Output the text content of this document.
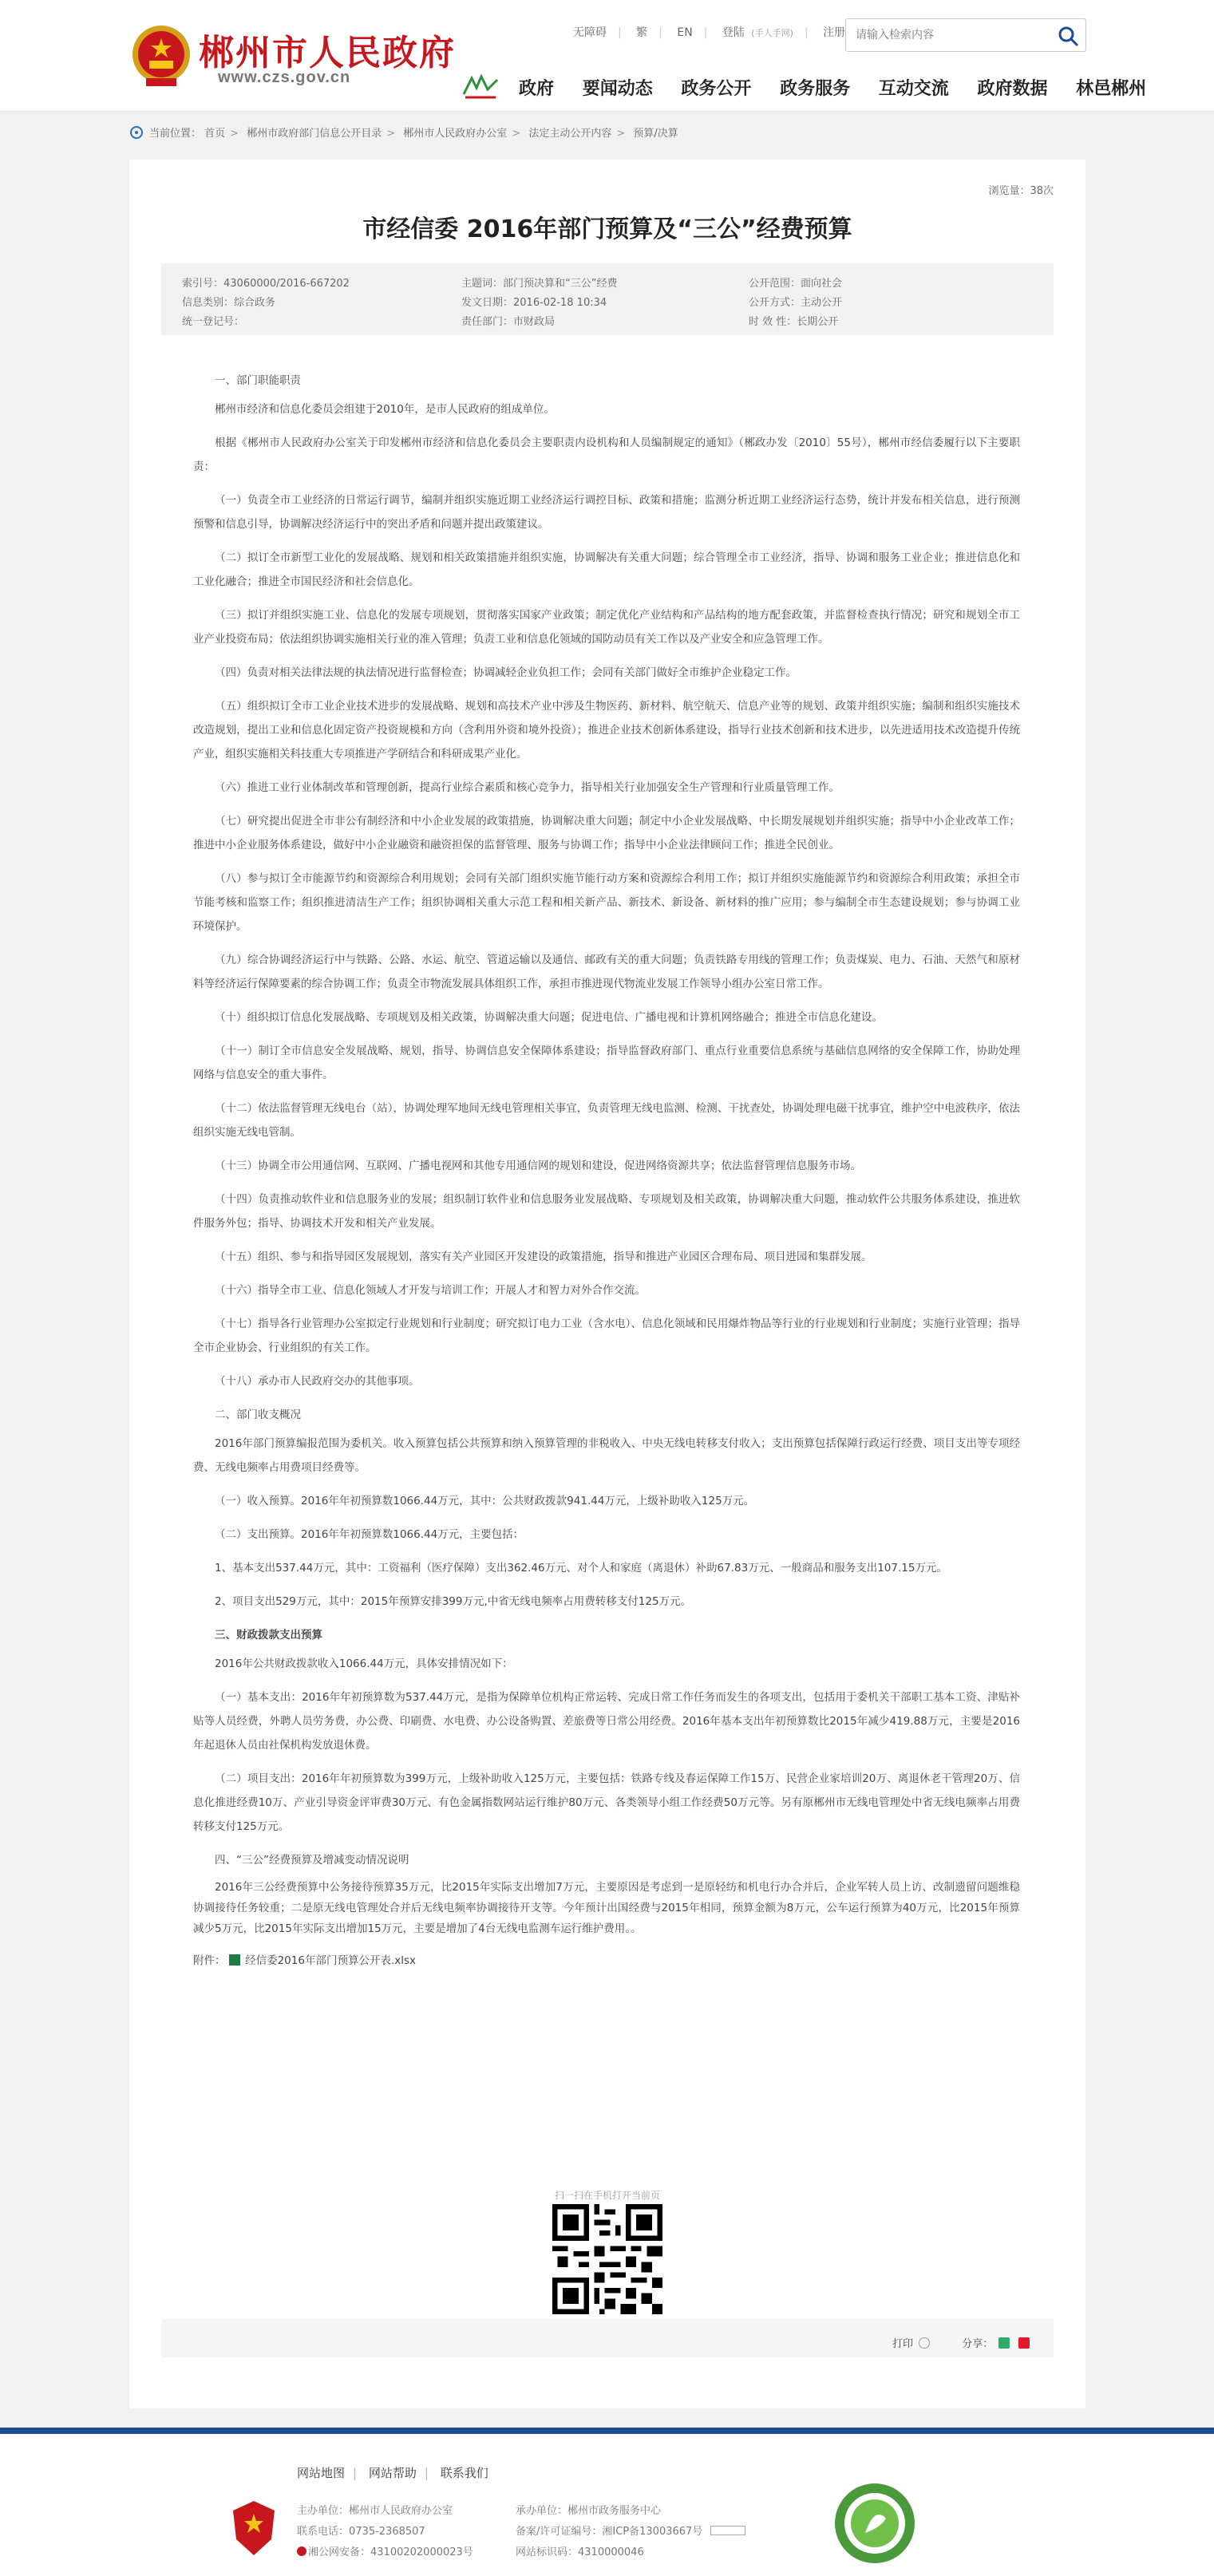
郴州市人民政府
www.czs.gov.cn
无障碍 | 繁 | EN | 登陆 (手人手网) | 注册
请输入检索内容
政府 要闻动态 政务公开 政务服务 互动交流 政府数据 林邑郴州
当前位置： 首页 > 郴州市政府部门信息公开目录 > 郴州市人民政府办公室 > 法定主动公开内容 > 预算/决算
浏览量：38次
市经信委 2016年部门预算及“三公”经费预算
索引号：43060000/2016-667202
信息类别：综合政务
统一登记号：
主题词：部门预决算和“三公”经费
发文日期：2016-02-18 10:34
责任部门：市财政局
公开范围：面向社会
公开方式：主动公开
时 效 性：长期公开

一、部门职能职责

郴州市经济和信息化委员会组建于2010年，是市人民政府的组成单位。

根据《郴州市人民政府办公室关于印发郴州市经济和信息化委员会主要职责内设机构和人员编制规定的通知》（郴政办发〔2010〕55号），郴州市经信委履行以下主要职责：

（一）负责全市工业经济的日常运行调节，编制并组织实施近期工业经济运行调控目标、政策和措施；监测分析近期工业经济运行态势，统计并发布相关信息，进行预测预警和信息引导，协调解决经济运行中的突出矛盾和问题并提出政策建议。

（二）拟订全市新型工业化的发展战略、规划和相关政策措施并组织实施，协调解决有关重大问题；综合管理全市工业经济，指导、协调和服务工业企业；推进信息化和工业化融合；推进全市国民经济和社会信息化。

（三）拟订并组织实施工业、信息化的发展专项规划，贯彻落实国家产业政策；制定优化产业结构和产品结构的地方配套政策，并监督检查执行情况；研究和规划全市工业产业投资布局；依法组织协调实施相关行业的准入管理；负责工业和信息化领域的国防动员有关工作以及产业安全和应急管理工作。

（四）负责对相关法律法规的执法情况进行监督检查；协调减轻企业负担工作；会同有关部门做好全市维护企业稳定工作。

（五）组织拟订全市工业企业技术进步的发展战略、规划和高技术产业中涉及生物医药、新材料、航空航天、信息产业等的规划、政策并组织实施；编制和组织实施技术改造规划，提出工业和信息化固定资产投资规模和方向（含利用外资和境外投资）；推进企业技术创新体系建设，指导行业技术创新和技术进步，以先进适用技术改造提升传统产业，组织实施相关科技重大专项推进产学研结合和科研成果产业化。

（六）推进工业行业体制改革和管理创新，提高行业综合素质和核心竞争力，指导相关行业加强安全生产管理和行业质量管理工作。

（七）研究提出促进全市非公有制经济和中小企业发展的政策措施，协调解决重大问题；制定中小企业发展战略、中长期发展规划并组织实施；指导中小企业改革工作；推进中小企业服务体系建设，做好中小企业融资和融资担保的监督管理、服务与协调工作；指导中小企业法律顾问工作；推进全民创业。

（八）参与拟订全市能源节约和资源综合利用规划；会同有关部门组织实施节能行动方案和资源综合利用工作；拟订并组织实施能源节约和资源综合利用政策；承担全市节能考核和监察工作；组织推进清洁生产工作；组织协调相关重大示范工程和相关新产品、新技术、新设备、新材料的推广应用；参与编制全市生态建设规划；参与协调工业环境保护。

（九）综合协调经济运行中与铁路、公路、水运、航空、管道运输以及通信、邮政有关的重大问题；负责铁路专用线的管理工作；负责煤炭、电力、石油、天然气和原材料等经济运行保障要素的综合协调工作；负责全市物流发展具体组织工作，承担市推进现代物流业发展工作领导小组办公室日常工作。

（十）组织拟订信息化发展战略、专项规划及相关政策，协调解决重大问题；促进电信、广播电视和计算机网络融合；推进全市信息化建设。

（十一）制订全市信息安全发展战略、规划，指导、协调信息安全保障体系建设；指导监督政府部门、重点行业重要信息系统与基础信息网络的安全保障工作，协助处理网络与信息安全的重大事件。

（十二）依法监督管理无线电台（站），协调处理军地间无线电管理相关事宜，负责管理无线电监测、检测、干扰查处，协调处理电磁干扰事宜，维护空中电波秩序，依法组织实施无线电管制。

（十三）协调全市公用通信网、互联网、广播电视网和其他专用通信网的规划和建设，促进网络资源共享；依法监督管理信息服务市场。

（十四）负责推动软件业和信息服务业的发展；组织制订软件业和信息服务业发展战略、专项规划及相关政策，协调解决重大问题，推动软件公共服务体系建设，推进软件服务外包；指导、协调技术开发和相关产业发展。

（十五）组织、参与和指导园区发展规划，落实有关产业园区开发建设的政策措施，指导和推进产业园区合理布局、项目进园和集群发展。

（十六）指导全市工业、信息化领域人才开发与培训工作；开展人才和智力对外合作交流。

（十七）指导各行业管理办公室拟定行业规划和行业制度；研究拟订电力工业（含水电）、信息化领域和民用爆炸物品等行业的行业规划和行业制度；实施行业管理；指导全市企业协会、行业组织的有关工作。

（十八）承办市人民政府交办的其他事项。

二、部门收支概况

2016年部门预算编报范围为委机关。收入预算包括公共预算和纳入预算管理的非税收入、中央无线电转移支付收入；支出预算包括保障行政运行经费、项目支出等专项经费、无线电频率占用费项目经费等。

（一）收入预算。2016年年初预算数1066.44万元，其中：公共财政拨款941.44万元，上级补助收入125万元。

（二）支出预算。2016年年初预算数1066.44万元，主要包括：

1、基本支出537.44万元，其中：工资福利（医疗保障）支出362.46万元、对个人和家庭（离退休）补助67.83万元、一般商品和服务支出107.15万元。

2、项目支出529万元，其中：2015年预算安排399万元,中省无线电频率占用费转移支付125万元。

三、财政拨款支出预算

2016年公共财政拨款收入1066.44万元，具体安排情况如下：

（一）基本支出：2016年年初预算数为537.44万元，是指为保障单位机构正常运转、完成日常工作任务而发生的各项支出，包括用于委机关干部职工基本工资、津贴补贴等人员经费，外聘人员劳务费，办公费、印刷费、水电费、办公设备购置、差旅费等日常公用经费。2016年基本支出年初预算数比2015年减少419.88万元，主要是2016年起退休人员由社保机构发放退休费。

（二）项目支出：2016年年初预算数为399万元，上级补助收入125万元，主要包括：铁路专线及春运保障工作15万、民营企业家培训20万、离退休老干管理20万、信息化推进经费10万、产业引导资金评审费30万元、有色金属指数网站运行维护80万元、各类领导小组工作经费50万元等。另有原郴州市无线电管理处中省无线电频率占用费转移支付125万元。

四、“三公”经费预算及增减变动情况说明

2016年三公经费预算中公务接待预算35万元，比2015年实际支出增加7万元，主要原因是考虑到一是原轻纺和机电行办合并后，企业军转人员上访、改制遗留问题维稳协调接待任务较重；二是原无线电管理处合并后无线电频率协调接待开支等。今年预计出国经费与2015年相同，预算金额为8万元，公车运行预算为40万元，比2015年预算减少5万元，比2015年实际支出增加15万元，主要是增加了4台无线电监测车运行维护费用。。

附件： 经信委2016年部门预算公开表.xlsx

扫一扫在手机打开当前页
打印	分享：
网站地图 | 网站帮助 | 联系我们
主办单位：郴州市人民政府办公室
联系电话：0735-2368507
湘公网安备：43100202000023号
承办单位：郴州市政务服务中心
备案/许可证编号：湘ICP备13003667号
网站标识码：4310000046
